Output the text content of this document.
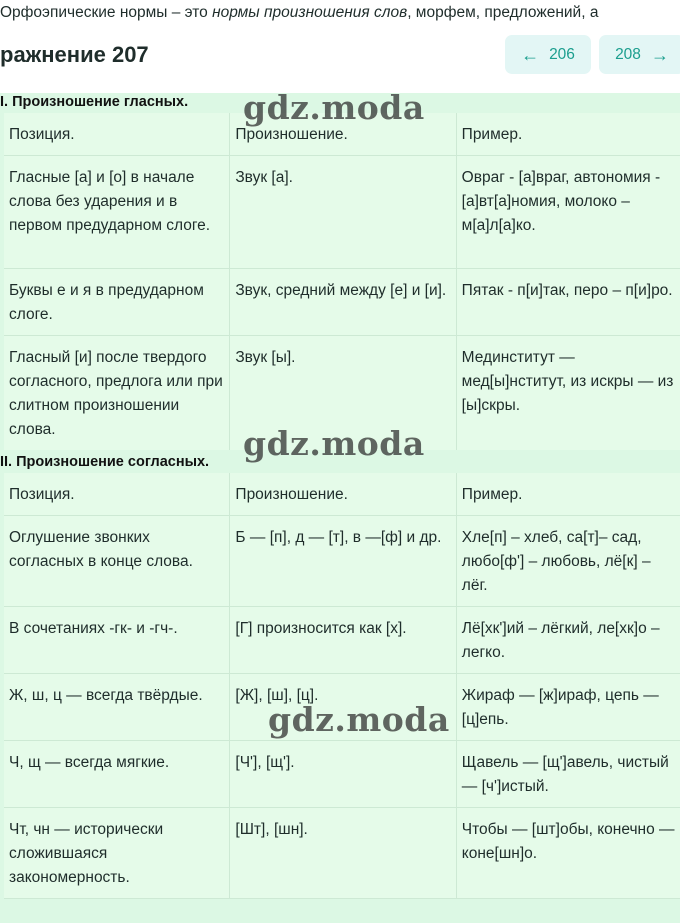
Орфоэпические нормы – это нормы произношения слов, морфем, предложений, а
ражнение 207	← 206	208 →
I. Произношение гласных.
Позиция.	Произношение.	Пример.
Гласные [а] и [о] в начале слова без ударения и в первом предударном слоге.	Звук [а].	Овраг - [а]враг, автономия - [а]вт[а]номия, молоко – м[а]л[а]ко.
Буквы е и я в предударном слоге.	Звук, средний между [е] и [и].	Пятак - п[и]так, перо – п[и]ро.
Гласный [и] после твердого согласного, предлога или при слитном произношении слова.	Звук [ы].	Мединститут — мед[ы]нститут, из искры — из [ы]скры.
II. Произношение согласных.
Позиция.	Произношение.	Пример.
Оглушение звонких согласных в конце слова.	Б — [п], д — [т], в —[ф] и др.	Хле[п] – хлеб, са[т]– сад, любо[ф'] – любовь, лё[к] – лёг.
В сочетаниях -гк- и -гч-.	[Г] произносится как [х].	Лё[хк']ий – лёгкий, ле[хк]о – легко.
Ж, ш, ц — всегда твёрдые.	[Ж], [ш], [ц].	Жираф — [ж]ираф, цепь — [ц]епь.
Ч, щ — всегда мягкие.	[Ч'], [щ'].	Щавель — [щ']авель, чистый — [ч']истый.
Чт, чн — исторически сложившаяся закономерность.	[Шт], [шн].	Чтобы — [шт]обы, конечно — коне[шн]о.
gdz.moda
gdz.moda
gdz.moda
